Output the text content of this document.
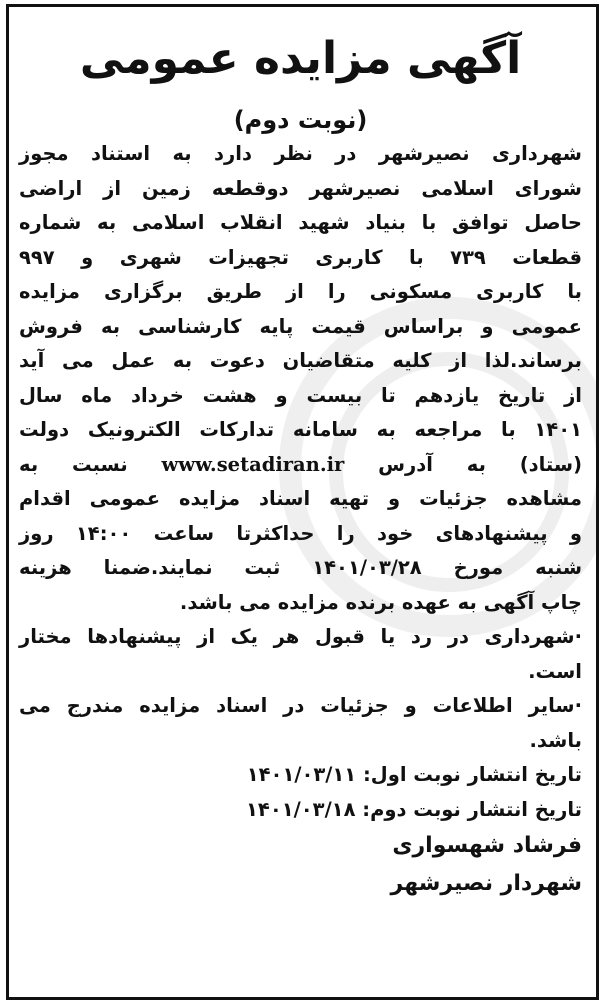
آگهی مزایده عمومی
(نوبت دوم)
شهرداری نصیرشهر در نظر دارد به استناد مجوز
شورای اسلامی نصیرشهر دوقطعه زمین از اراضی
حاصل توافق با بنیاد شهید انقلاب اسلامی به شماره
قطعات ۷۳۹ با کاربری تجهیزات شهری و ۹۹۷
با کاربری مسکونی را از طریق برگزاری مزایده
عمومی و براساس قیمت پایه کارشناسی به فروش
برساند.لذا از کلیه متقاضیان دعوت به عمل می آید
از تاریخ یازدهم تا بیست و هشت خرداد ماه سال
۱۴۰۱ با مراجعه به سامانه تدارکات الکترونیک دولت
(ستاد) به آدرس www.setadiran.ir نسبت به
مشاهده جزئیات و تهیه اسناد مزایده عمومی اقدام
و پیشنهادهای خود را حداکثرتا ساعت ۱۴:۰۰ روز
شنبه مورخ ۱۴۰۱/۰۳/۲۸ ثبت نمایند.ضمنا هزینه
چاپ آگهی به عهده برنده مزایده می باشد.
·شهرداری در رد یا قبول هر یک از پیشنهادها مختار
است.
·سایر اطلاعات و جزئیات در اسناد مزایده مندرج می
باشد.
تاریخ انتشار نوبت اول: ۱۴۰۱/۰۳/۱۱
تاریخ انتشار نوبت دوم: ۱۴۰۱/۰۳/۱۸
فرشاد شهسواری
شهردار نصیرشهر
